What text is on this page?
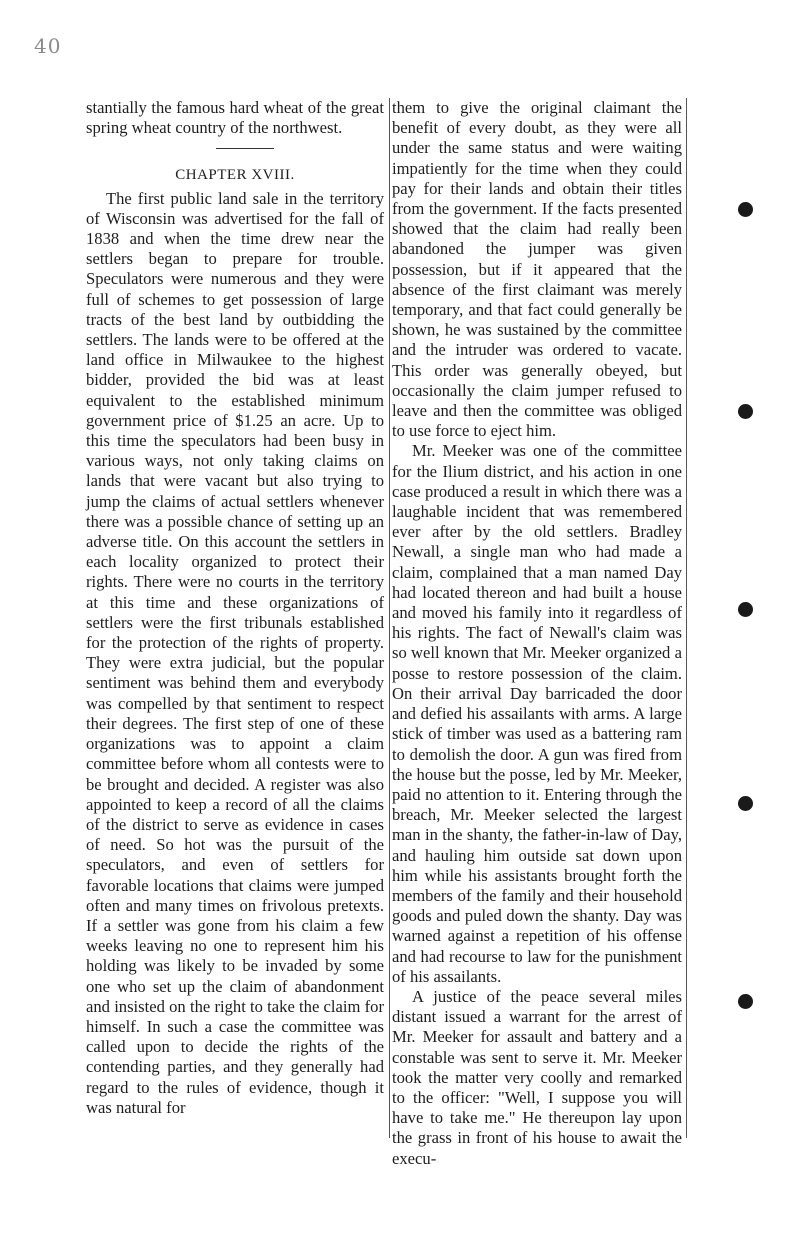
40

stantially the famous hard wheat of the great spring wheat country of the northwest.

CHAPTER XVIII.

The first public land sale in the territory of Wisconsin was advertised for the fall of 1838 and when the time drew near the settlers began to prepare for trouble. Speculators were numerous and they were full of schemes to get possession of large tracts of the best land by outbidding the settlers. The lands were to be offered at the land office in Milwaukee to the highest bidder, provided the bid was at least equivalent to the established minimum government price of $1.25 an acre. Up to this time the speculators had been busy in various ways, not only taking claims on lands that were vacant but also trying to jump the claims of actual settlers whenever there was a possible chance of setting up an adverse title. On this account the settlers in each locality organized to protect their rights. There were no courts in the territory at this time and these organizations of settlers were the first tribunals established for the protection of the rights of property. They were extra judicial, but the popular sentiment was behind them and everybody was compelled by that sentiment to respect their degrees. The first step of one of these organizations was to appoint a claim committee before whom all contests were to be brought and decided. A register was also appointed to keep a record of all the claims of the district to serve as evidence in cases of need. So hot was the pursuit of the speculators, and even of settlers for favorable locations that claims were jumped often and many times on frivolous pretexts. If a settler was gone from his claim a few weeks leaving no one to represent him his holding was likely to be invaded by some one who set up the claim of abandonment and insisted on the right to take the claim for himself. In such a case the committee was called upon to decide the rights of the contending parties, and they generally had regard to the rules of evidence, though it was natural for

them to give the original claimant the benefit of every doubt, as they were all under the same status and were waiting impatiently for the time when they could pay for their lands and obtain their titles from the government. If the facts presented showed that the claim had really been abandoned the jumper was given possession, but if it appeared that the absence of the first claimant was merely temporary, and that fact could generally be shown, he was sustained by the committee and the intruder was ordered to vacate. This order was generally obeyed, but occasionally the claim jumper refused to leave and then the committee was obliged to use force to eject him.

Mr. Meeker was one of the committee for the Ilium district, and his action in one case produced a result in which there was a laughable incident that was remembered ever after by the old settlers. Bradley Newall, a single man who had made a claim, complained that a man named Day had located thereon and had built a house and moved his family into it regardless of his rights. The fact of Newall's claim was so well known that Mr. Meeker organized a posse to restore possession of the claim. On their arrival Day barricaded the door and defied his assailants with arms. A large stick of timber was used as a battering ram to demolish the door. A gun was fired from the house but the posse, led by Mr. Meeker, paid no attention to it. Entering through the breach, Mr. Meeker selected the largest man in the shanty, the father-in-law of Day, and hauling him outside sat down upon him while his assistants brought forth the members of the family and their household goods and puled down the shanty. Day was warned against a repetition of his offense and had recourse to law for the punishment of his assailants.

A justice of the peace several miles distant issued a warrant for the arrest of Mr. Meeker for assault and battery and a constable was sent to serve it. Mr. Meeker took the matter very coolly and remarked to the officer: "Well, I suppose you will have to take me." He thereupon lay upon the grass in front of his house to await the execu-
